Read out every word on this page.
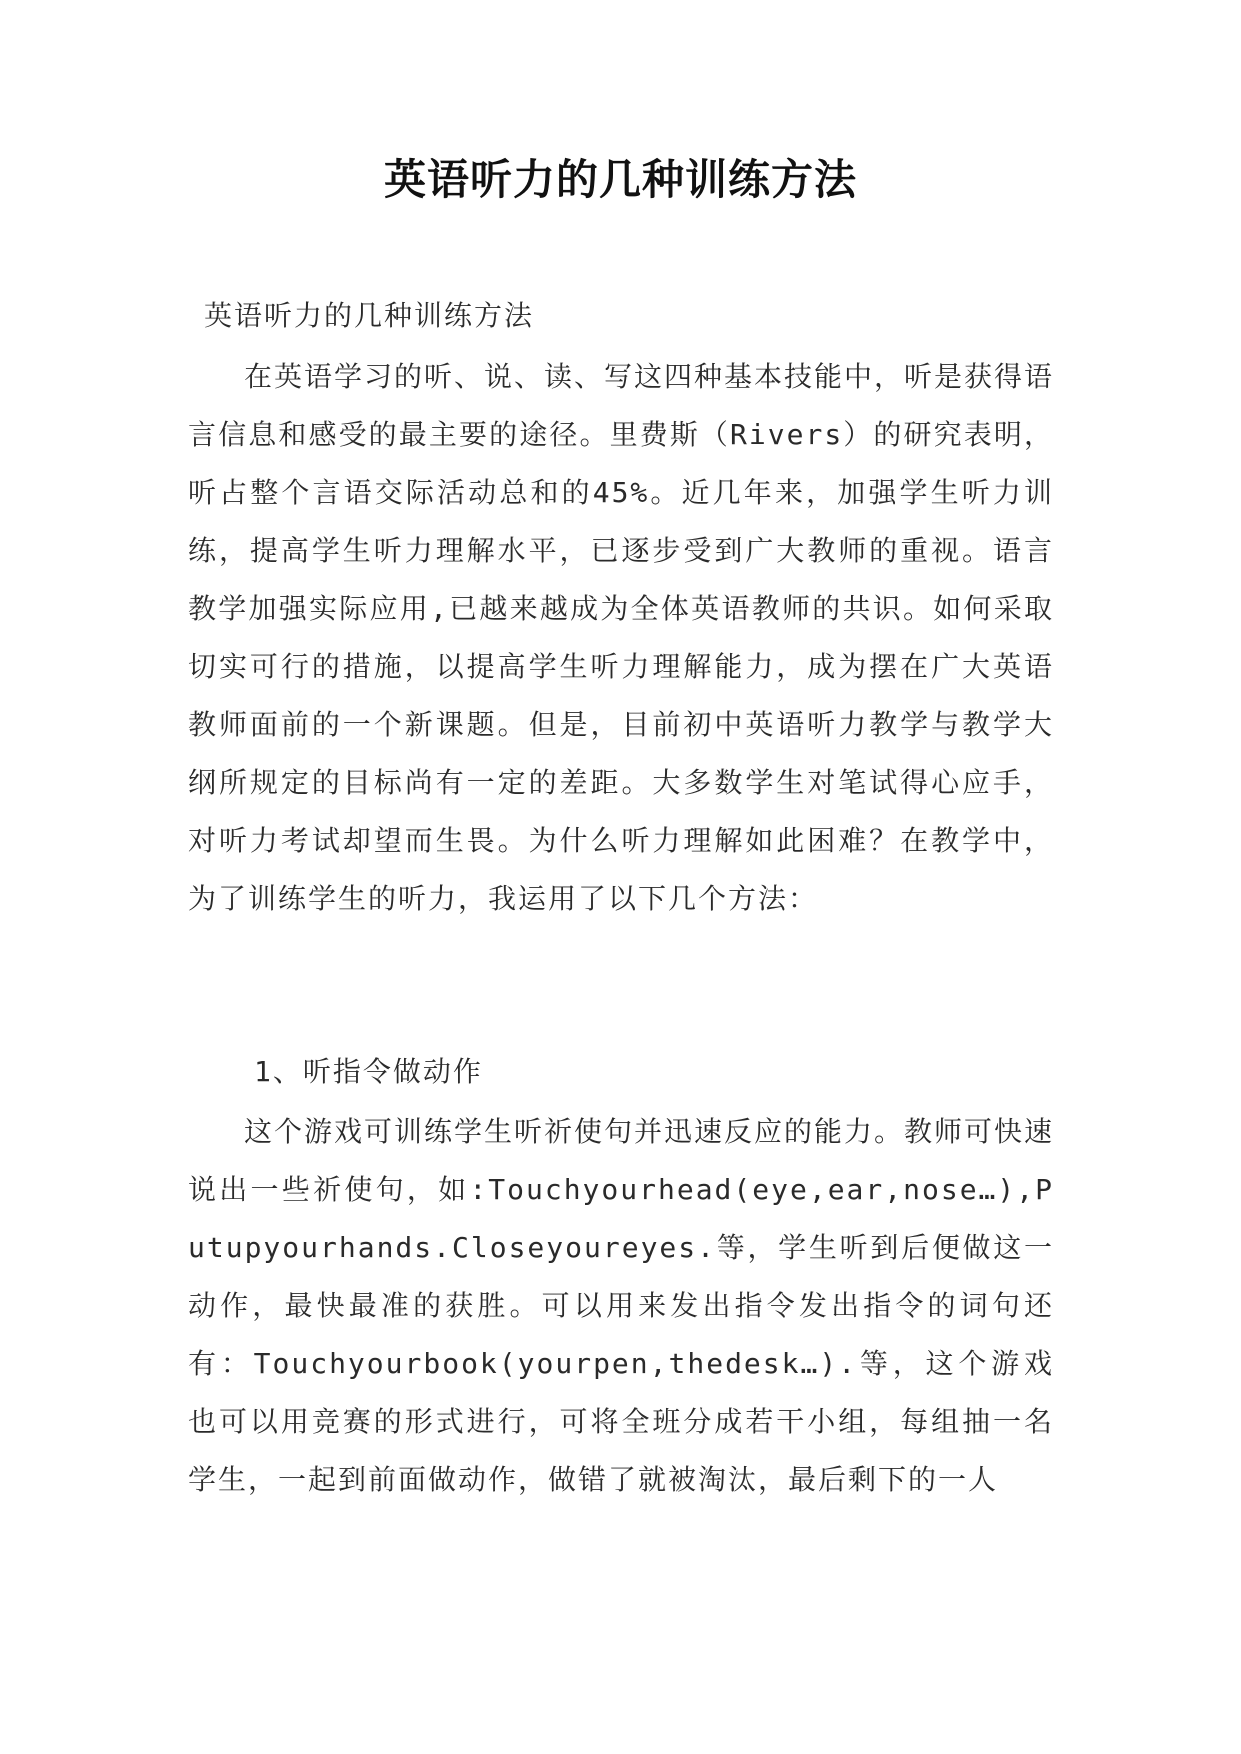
英语听力的几种训练方法
英语听力的几种训练方法
在英语学习的听、说、读、写这四种基本技能中，听是获得语言信息和感受的最主要的途径。里费斯（Rivers）的研究表明，听占整个言语交际活动总和的45%。近几年来，加强学生听力训练，提高学生听力理解水平，已逐步受到广大教师的重视。语言教学加强实际应用,已越来越成为全体英语教师的共识。如何采取切实可行的措施，以提高学生听力理解能力，成为摆在广大英语教师面前的一个新课题。但是，目前初中英语听力教学与教学大纲所规定的目标尚有一定的差距。大多数学生对笔试得心应手，对听力考试却望而生畏。为什么听力理解如此困难？在教学中，为了训练学生的听力，我运用了以下几个方法：
1、听指令做动作
这个游戏可训练学生听祈使句并迅速反应的能力。教师可快速说出一些祈使句，如:Touchyourhead(eye,ear,nose…),Putupyourhands.Closeyoureyes.等，学生听到后便做这一动作，最快最准的获胜。可以用来发出指令发出指令的词句还有：Touchyourbook(yourpen,thedesk…).等，这个游戏也可以用竞赛的形式进行，可将全班分成若干小组，每组抽一名学生，一起到前面做动作，做错了就被淘汰，最后剩下的一人
